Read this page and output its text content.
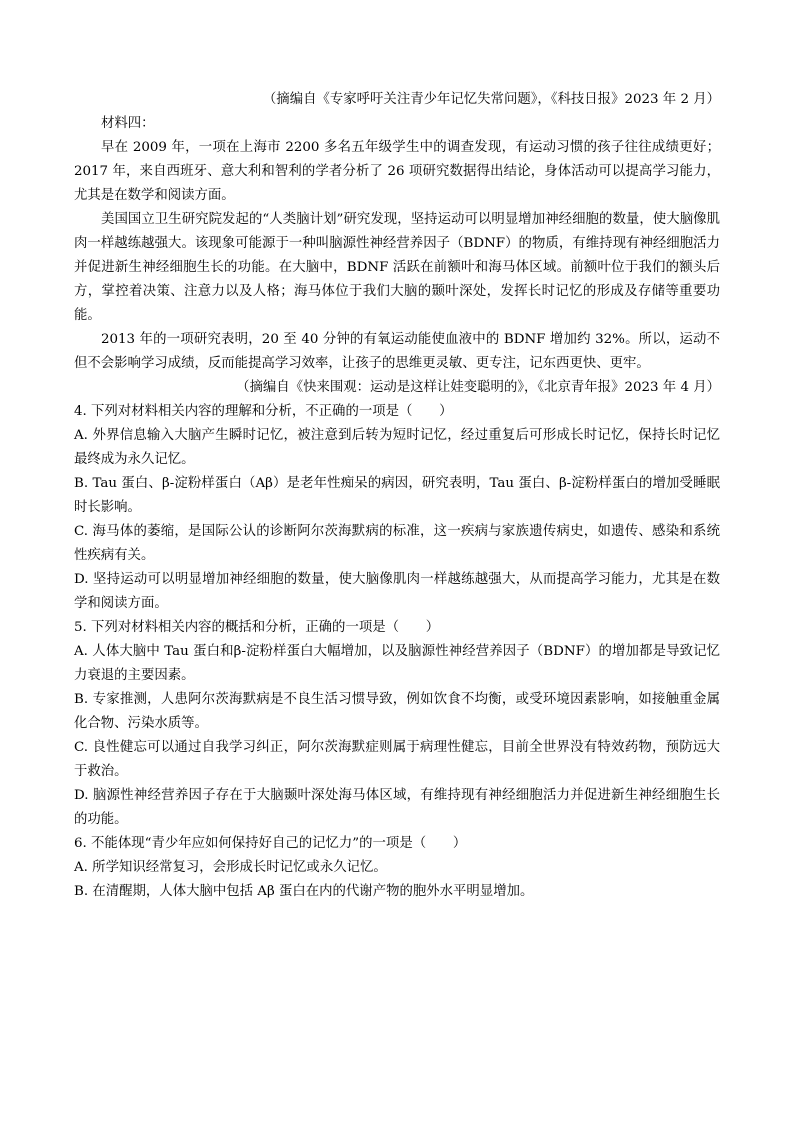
（摘编自《专家呼吁关注青少年记忆失常问题》，《科技日报》2023 年 2 月）

材料四：

早在 2009 年，一项在上海市 2200 多名五年级学生中的调查发现，有运动习惯的孩子往往成绩更好；2017 年，来自西班牙、意大利和智利的学者分析了 26 项研究数据得出结论，身体活动可以提高学习能力，尤其是在数学和阅读方面。

美国国立卫生研究院发起的“人类脑计划”研究发现，坚持运动可以明显增加神经细胞的数量，使大脑像肌肉一样越练越强大。该现象可能源于一种叫脑源性神经营养因子（BDNF）的物质，有维持现有神经细胞活力并促进新生神经细胞生长的功能。在大脑中，BDNF 活跃在前额叶和海马体区域。前额叶位于我们的额头后方，掌控着决策、注意力以及人格；海马体位于我们大脑的颞叶深处，发挥长时记忆的形成及存储等重要功能。

2013 年的一项研究表明，20 至 40 分钟的有氧运动能使血液中的 BDNF 增加约 32%。所以，运动不但不会影响学习成绩，反而能提高学习效率，让孩子的思维更灵敏、更专注，记东西更快、更牢。

（摘编自《快来围观：运动是这样让娃变聪明的》，《北京青年报》2023 年 4 月）

4. 下列对材料相关内容的理解和分析，不正确的一项是（　　）

A. 外界信息输入大脑产生瞬时记忆，被注意到后转为短时记忆，经过重复后可形成长时记忆，保持长时记忆最终成为永久记忆。

B. Tau 蛋白、β-淀粉样蛋白（Aβ）是老年性痴呆的病因，研究表明，Tau 蛋白、β-淀粉样蛋白的增加受睡眠时长影响。

C. 海马体的萎缩，是国际公认的诊断阿尔茨海默病的标准，这一疾病与家族遗传病史，如遗传、感染和系统性疾病有关。

D. 坚持运动可以明显增加神经细胞的数量，使大脑像肌肉一样越练越强大，从而提高学习能力，尤其是在数学和阅读方面。

5. 下列对材料相关内容的概括和分析，正确的一项是（　　）

A. 人体大脑中 Tau 蛋白和β-淀粉样蛋白大幅增加，以及脑源性神经营养因子（BDNF）的增加都是导致记忆力衰退的主要因素。

B. 专家推测，人患阿尔茨海默病是不良生活习惯导致，例如饮食不均衡，或受环境因素影响，如接触重金属化合物、污染水质等。

C. 良性健忘可以通过自我学习纠正，阿尔茨海默症则属于病理性健忘，目前全世界没有特效药物，预防远大于救治。

D. 脑源性神经营养因子存在于大脑颞叶深处海马体区域，有维持现有神经细胞活力并促进新生神经细胞生长的功能。

6. 不能体现“青少年应如何保持好自己的记忆力”的一项是（　　）

A. 所学知识经常复习，会形成长时记忆或永久记忆。

B. 在清醒期，人体大脑中包括 Aβ 蛋白在内的代谢产物的胞外水平明显增加。
